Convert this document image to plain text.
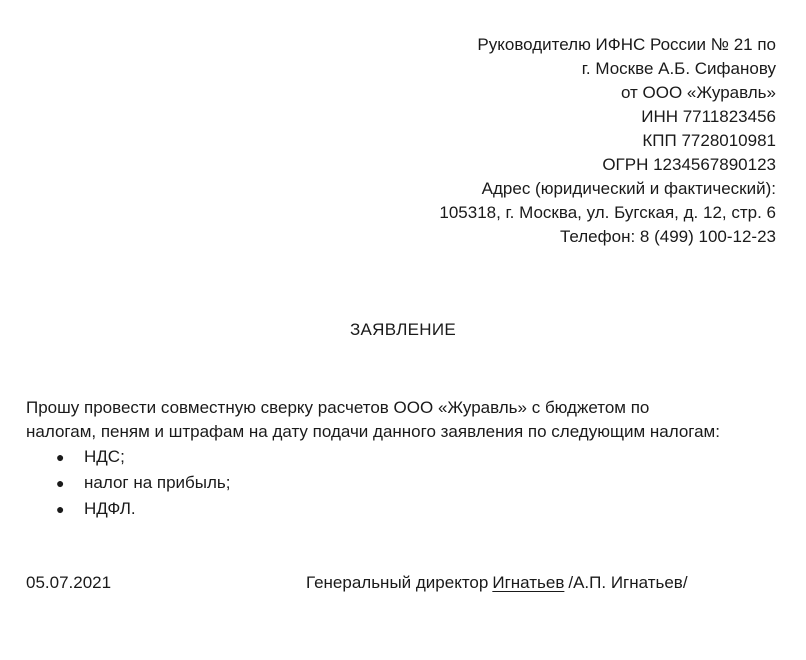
Руководителю ИФНС России № 21 по
г. Москве А.Б. Сифанову
от ООО «Журавль»
ИНН 7711823456
КПП 7728010981
ОГРН 1234567890123
Адрес (юридический и фактический):
105318, г. Москва, ул. Бугская, д. 12, стр. 6
Телефон: 8 (499) 100-12-23
ЗАЯВЛЕНИЕ

Прошу провести совместную сверку расчетов ООО «Журавль» с бюджетом по

налогам, пеням и штрафам на дату подачи данного заявления по следующим налогам:

● НДС;
● налог на прибыль;
● НДФЛ.
05.07.2021	Генеральный директор Игнатьев /А.П. Игнатьев/
